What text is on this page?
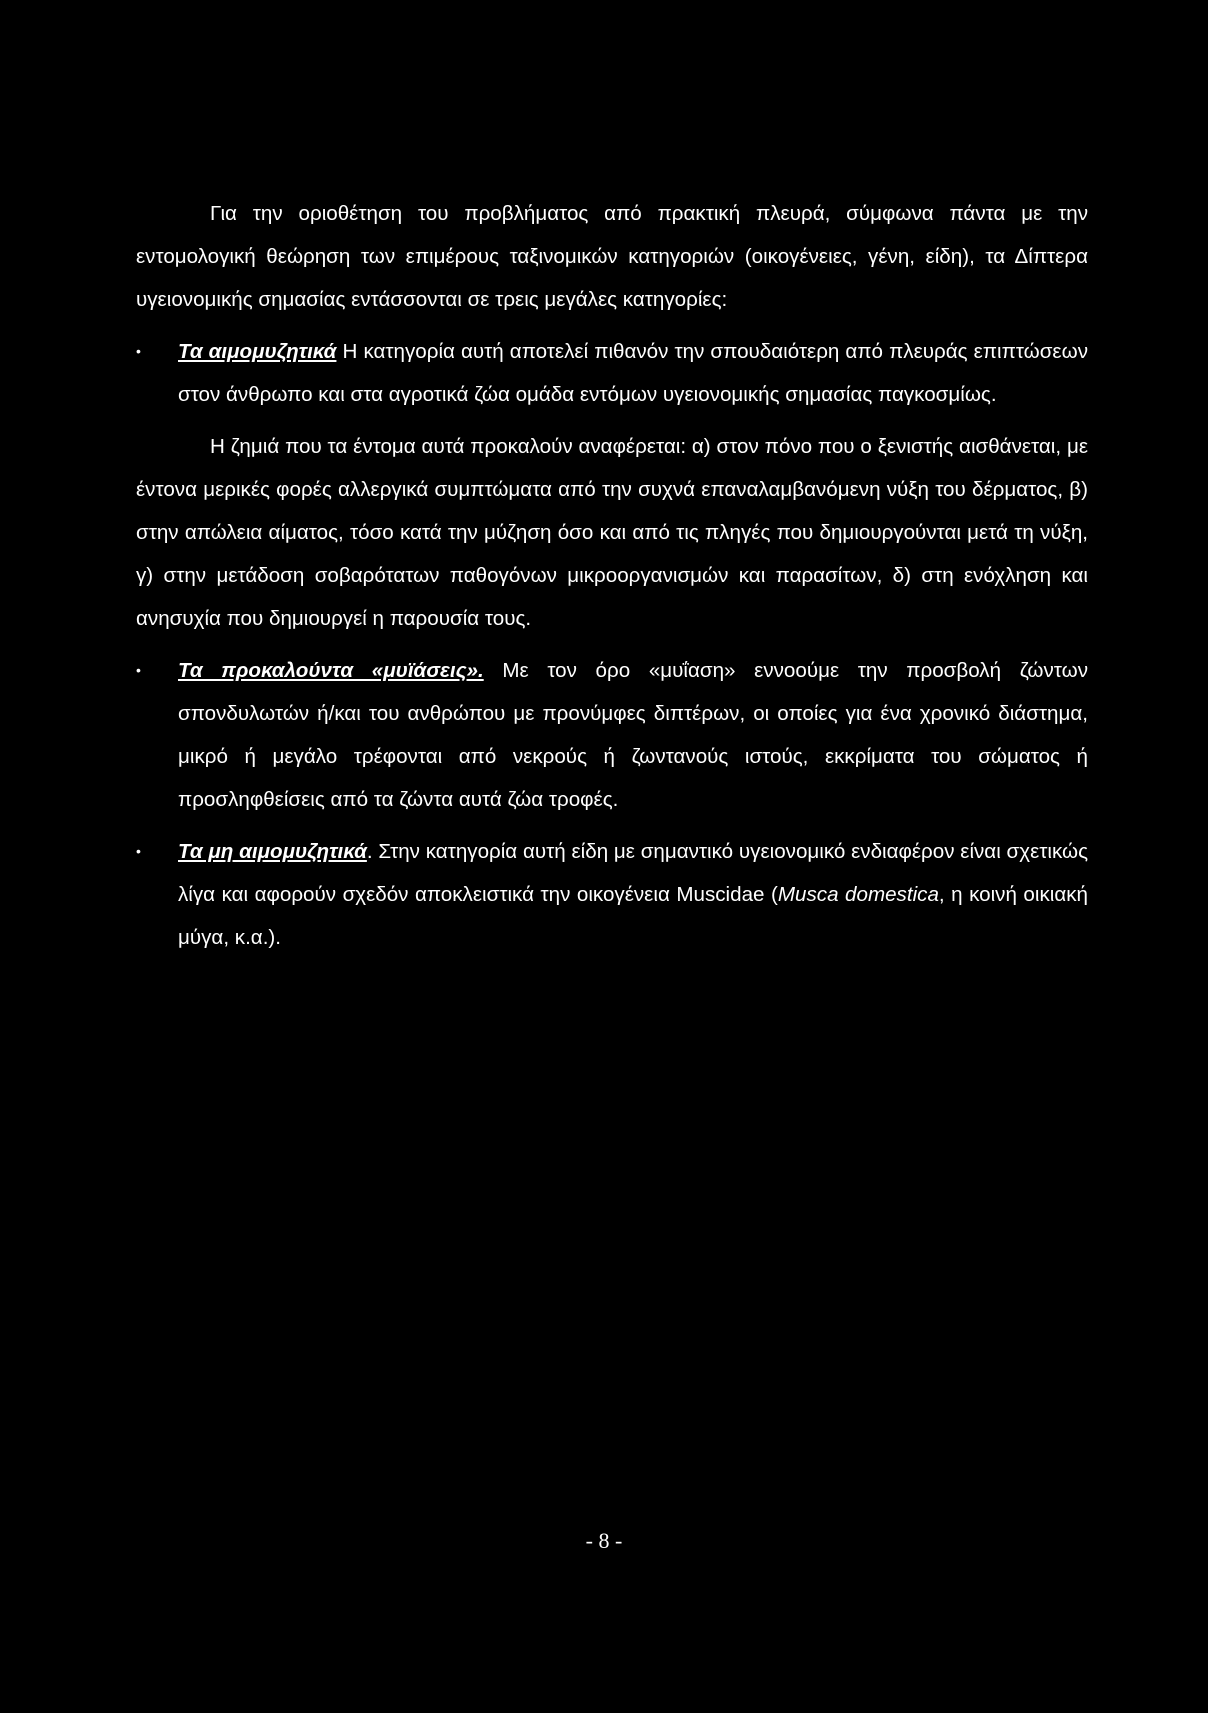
Για την οριοθέτηση του προβλήματος από πρακτική πλευρά, σύμφωνα πάντα με την εντομολογική θεώρηση των επιμέρους ταξινομικών κατηγοριών (οικογένειες, γένη, είδη), τα Δίπτερα υγειονομικής σημασίας εντάσσονται σε τρεις μεγάλες κατηγορίες:

• Τα αιμομυζητικά Η κατηγορία αυτή αποτελεί πιθανόν την σπουδαιότερη από πλευράς επιπτώσεων στον άνθρωπο και στα αγροτικά ζώα ομάδα εντόμων υγειονομικής σημασίας παγκοσμίως.

Η ζημιά που τα έντομα αυτά προκαλούν αναφέρεται: α) στον πόνο που ο ξενιστής αισθάνεται, με έντονα μερικές φορές αλλεργικά συμπτώματα από την συχνά επαναλαμβανόμενη νύξη του δέρματος, β) στην απώλεια αίματος, τόσο κατά την μύζηση όσο και από τις πληγές που δημιουργούνται μετά τη νύξη, γ) στην μετάδοση σοβαρότατων παθογόνων μικροοργανισμών και παρασίτων, δ) στη ενόχληση και ανησυχία που δημιουργεί η παρουσία τους.

• Τα προκαλούντα «μυϊάσεις». Με τον όρο «μυΐαση» εννοούμε την προσβολή ζώντων σπονδυλωτών ή/και του ανθρώπου με προνύμφες διπτέρων, οι οποίες για ένα χρονικό διάστημα, μικρό ή μεγάλο τρέφονται από νεκρούς ή ζωντανούς ιστούς, εκκρίματα του σώματος ή προσληφθείσεις από τα ζώντα αυτά ζώα τροφές.

• Τα μη αιμομυζητικά. Στην κατηγορία αυτή είδη με σημαντικό υγειονομικό ενδιαφέρον είναι σχετικώς λίγα και αφορούν σχεδόν αποκλειστικά την οικογένεια Muscidae (Musca domestica, η κοινή οικιακή μύγα, κ.α.).

- 8 -
